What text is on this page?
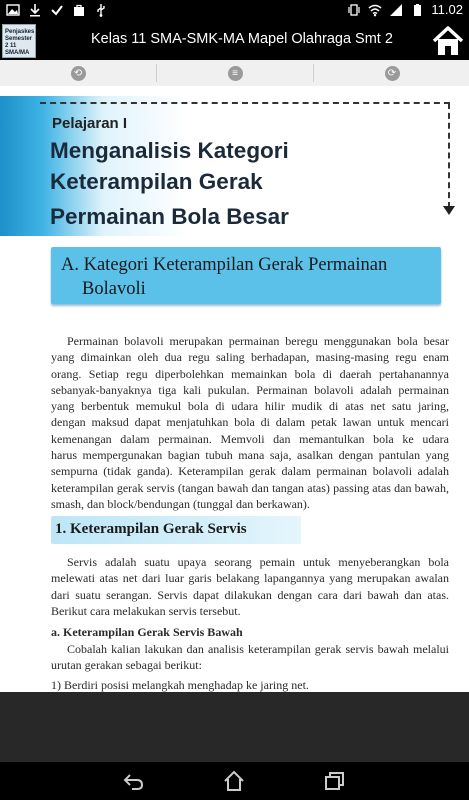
11.02
Penjaskes Semester 2 11 SMA/MA
Kelas 11 SMA-SMK-MA Mapel Olahraga Smt 2
⟲	≡	⟳
Pelajaran I
Menganalisis Kategori
Keterampilan Gerak
Permainan Bola Besar
A. Kategori Keterampilan Gerak Permainan
Bolavoli
Permainan bolavoli merupakan permainan beregu menggunakan bola besar
yang dimainkan oleh dua regu saling berhadapan, masing-masing regu enam
orang. Setiap regu diperbolehkan memainkan bola di daerah pertahanannya
sebanyak-banyaknya tiga kali pukulan. Permainan bolavoli adalah permainan
yang berbentuk memukul bola di udara hilir mudik di atas net satu jaring,
dengan maksud dapat menjatuhkan bola di dalam petak lawan untuk mencari
kemenangan dalam permainan. Memvoli dan memantulkan bola ke udara
harus mempergunakan bagian tubuh mana saja, asalkan dengan pantulan yang
sempurna (tidak ganda). Keterampilan gerak dalam permainan bolavoli adalah
keterampilan gerak servis (tangan bawah dan tangan atas) passing atas dan bawah,
smash, dan block/bendungan (tunggal dan berkawan).
1. Keterampilan Gerak Servis
Servis adalah suatu upaya seorang pemain untuk menyeberangkan bola
melewati atas net dari luar garis belakang lapangannya yang merupakan awalan
dari suatu serangan. Servis dapat dilakukan dengan cara dari bawah dan atas.
Berikut cara melakukan servis tersebut.
a. Keterampilan Gerak Servis Bawah
Cobalah kalian lakukan dan analisis keterampilan gerak servis bawah melalui
urutan gerakan sebagai berikut:
1) Berdiri posisi melangkah menghadap ke jaring net.
